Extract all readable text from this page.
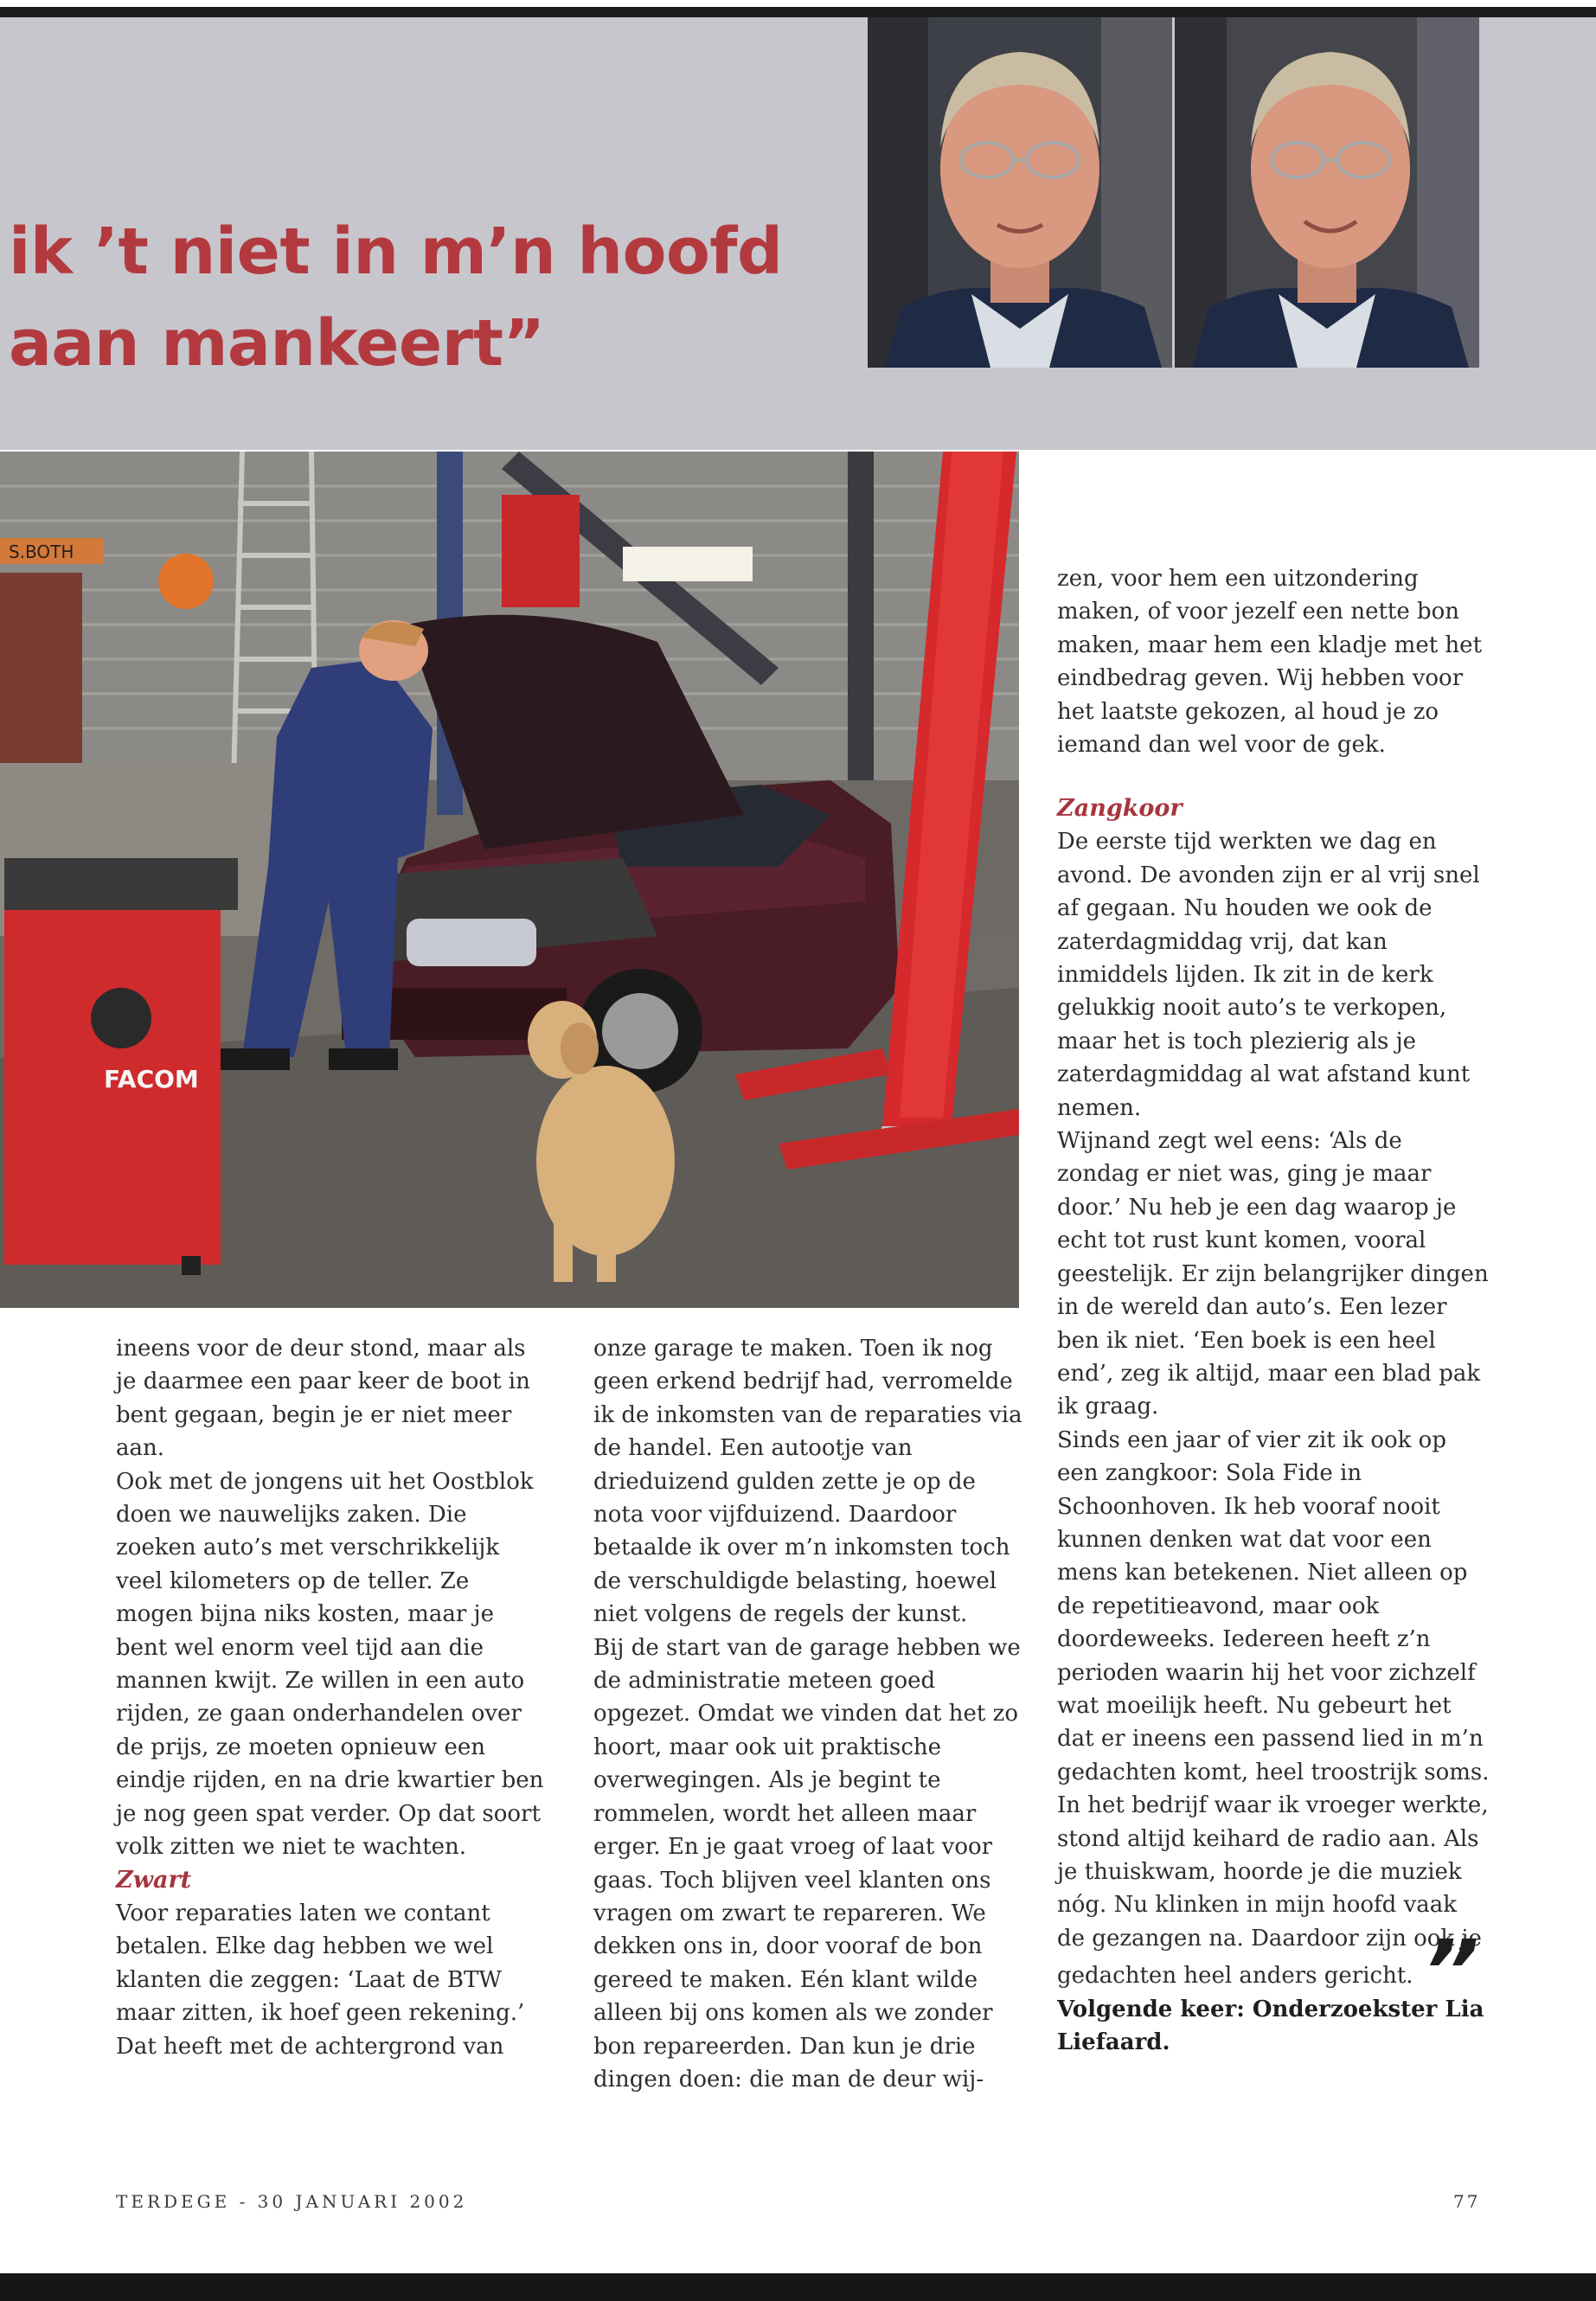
ik ’t niet in m’n hoofd
aan mankeert”
S.BOTH
FACOM

zen, voor hem een uitzondering maken, of voor jezelf een nette bon maken, maar hem een kladje met het eindbedrag geven. Wij hebben voor het laatste gekozen, al houd je zo iemand dan wel voor de gek.

Zangkoor

De eerste tijd werkten we dag en avond. De avonden zijn er al vrij snel af gegaan. Nu houden we ook de zaterdagmiddag vrij, dat kan inmiddels lijden. Ik zit in de kerk gelukkig nooit auto’s te verkopen, maar het is toch plezierig als je zaterdagmiddag al wat afstand kunt nemen.

Wijnand zegt wel eens: ‘Als de zondag er niet was, ging je maar door.’ Nu heb je een dag waarop je echt tot rust kunt komen, vooral geestelijk. Er zijn belangrijker dingen in de wereld dan auto’s. Een lezer ben ik niet. ‘Een boek is een heel end’, zeg ik altijd, maar een blad pak ik graag.

Sinds een jaar of vier zit ik ook op een zangkoor: Sola Fide in Schoonhoven. Ik heb vooraf nooit kunnen denken wat dat voor een mens kan betekenen. Niet alleen op de repetitieavond, maar ook doordeweeks. Iedereen heeft z’n perioden waarin hij het voor zichzelf wat moeilijk heeft. Nu gebeurt het dat er ineens een passend lied in m’n gedachten komt, heel troostrijk soms. In het bedrijf waar ik vroeger werkte, stond altijd keihard de radio aan. Als je thuiskwam, hoorde je die muziek nóg. Nu klinken in mijn hoofd vaak de gezangen na. Daardoor zijn ook je gedachten heel anders gericht. ”

Volgende keer: Onderzoekster Lia Liefaard.

ineens voor de deur stond, maar als je daarmee een paar keer de boot in bent gegaan, begin je er niet meer aan.

Ook met de jongens uit het Oostblok doen we nauwelijks zaken. Die zoeken auto’s met verschrikkelijk veel kilometers op de teller. Ze mogen bijna niks kosten, maar je bent wel enorm veel tijd aan die mannen kwijt. Ze willen in een auto rijden, ze gaan onderhandelen over de prijs, ze moeten opnieuw een eindje rijden, en na drie kwartier ben je nog geen spat verder. Op dat soort volk zitten we niet te wachten.

Zwart

Voor reparaties laten we contant betalen. Elke dag hebben we wel klanten die zeggen: ‘Laat de BTW maar zitten, ik hoef geen rekening.’ Dat heeft met de achtergrond van

onze garage te maken. Toen ik nog geen erkend bedrijf had, verromelde ik de inkomsten van de reparaties via de handel. Een autootje van drieduizend gulden zette je op de nota voor vijfduizend. Daardoor betaalde ik over m’n inkomsten toch de verschuldigde belasting, hoewel niet volgens de regels der kunst.

Bij de start van de garage hebben we de administratie meteen goed opgezet. Omdat we vinden dat het zo hoort, maar ook uit praktische overwegingen. Als je begint te rommelen, wordt het alleen maar erger. En je gaat vroeg of laat voor gaas. Toch blijven veel klanten ons vragen om zwart te repareren. We dekken ons in, door vooraf de bon gereed te maken. Eén klant wilde alleen bij ons komen als we zonder bon repareerden. Dan kun je drie dingen doen: die man de deur wij-

TERDEGE - 30 JANUARI 2002	77
